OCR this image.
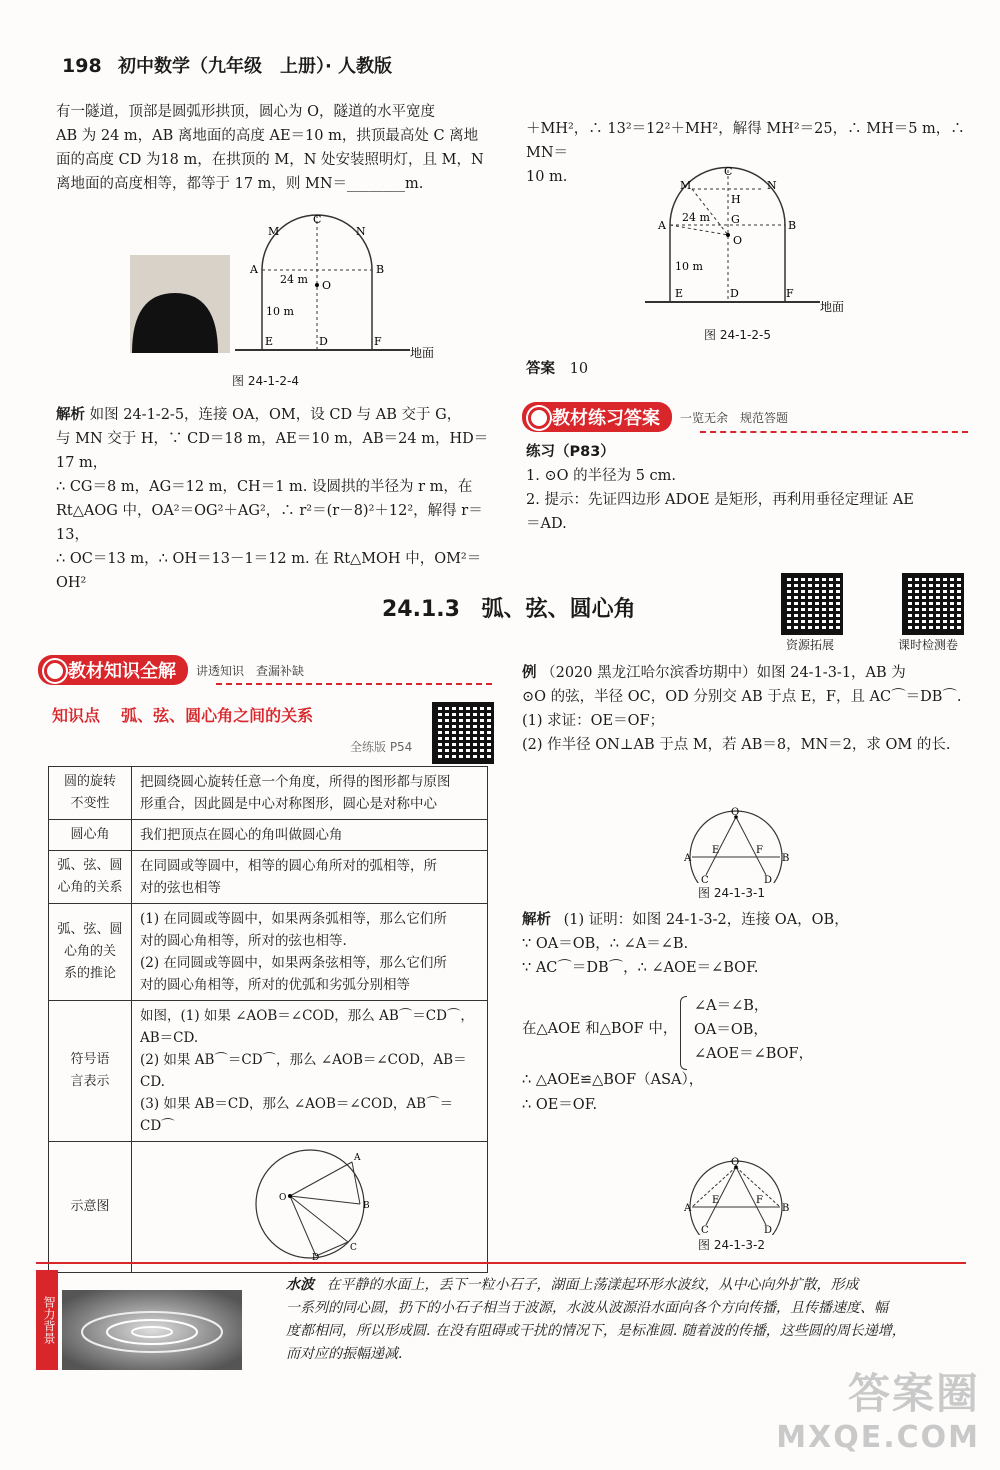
198 初中数学（九年级　上册）· 人教版
有一隧道，顶部是圆弧形拱顶，圆心为 O，隧道的水平宽度
AB 为 24 m，AB 离地面的高度 AE＝10 m，拱顶最高处 C 离地
面的高度 CD 为18 m，在拱顶的 M，N 处安装照明灯，且 M，N
离地面的高度相等，都等于 17 m，则 MN＝________m.
C
M	N
A	B
O
E	D	F
24 m
10 m
地面
图 24-1-2-4
解析 如图 24-1-2-5，连接 OA，OM，设 CD 与 AB 交于 G，
与 MN 交于 H，∵ CD＝18 m，AE＝10 m，AB＝24 m，HD＝17 m，
∴ CG＝8 m，AG＝12 m，CH＝1 m. 设圆拱的半径为 r m，在
Rt△AOG 中，OA²＝OG²＋AG²，∴ r²＝(r－8)²＋12²，解得 r＝13，
∴ OC＝13 m，∴ OH＝13－1＝12 m. 在 Rt△MOH 中，OM²＝OH²
＋MH²，∴ 13²＝12²＋MH²，解得 MH²＝25，∴ MH＝5 m，∴ MN＝
10 m.	C
M	N
H
G
A	B
O
E	D	F
24 m
10 m
地面
图 24-1-2-5
答案 10
教材练习答案	一览无余　规范答题
练习（P83）
1. ⊙O 的半径为 5 cm.
2. 提示：先证四边形 ADOE 是矩形，再利用垂径定理证 AE
＝AD.
24.1.3 弧、弦、圆心角
资源拓展	课时检测卷
教材知识全解	讲透知识　查漏补缺
知识点 弧、弦、圆心角之间的关系
全练版 P54
圆的旋转
不变性	把圆绕圆心旋转任意一个角度，所得的图形都与原图
形重合，因此圆是中心对称图形，圆心是对称中心
圆心角	我们把顶点在圆心的角叫做圆心角
弧、弦、圆
心角的关系	在同圆或等圆中，相等的圆心角所对的弧相等，所
对的弦也相等
弧、弦、圆
心角的关
系的推论	(1) 在同圆或等圆中，如果两条弧相等，那么它们所
对的圆心角相等，所对的弦也相等.
(2) 在同圆或等圆中，如果两条弦相等，那么它们所
对的圆心角相等，所对的优弧和劣弧分别相等
符号语
言表示	如图，(1) 如果 ∠AOB＝∠COD，那么 AB⌒＝CD⌒，
AB＝CD.
(2) 如果 AB⌒＝CD⌒，那么 ∠AOB＝∠COD，AB＝CD.
(3) 如果 AB＝CD，那么 ∠AOB＝∠COD，AB⌒＝CD⌒
示意图	A
B
O
C
D
例 （2020 黑龙江哈尔滨香坊期中）如图 24-1-3-1，AB 为
⊙O 的弦，半径 OC，OD 分别交 AB 于点 E，F，且 AC⌒＝DB⌒.
(1) 求证：OE＝OF；
(2) 作半径 ON⊥AB 于点 M，若 AB＝8，MN＝2，求 OM 的长.
O
E	F
A	B
C	D
图 24-1-3-1
解析 (1) 证明：如图 24-1-3-2，连接 OA，OB，
∵ OA＝OB，∴ ∠A＝∠B.
∵ AC⌒＝DB⌒，∴ ∠AOE＝∠BOF.
在△AOE 和△BOF 中，
∠A＝∠B，
OA＝OB，
∠AOE＝∠BOF，
∴ △AOE≌△BOF（ASA），
∴ OE＝OF.
O
E	F
A	B
C	D
图 24-1-3-2
智力背景
水波 在平静的水面上，丢下一粒小石子，湖面上荡漾起环形水波纹，从中心向外扩散，形成
一系列的同心圆，扔下的小石子相当于波源，水波从波源沿水面向各个方向传播，且传播速度、幅
度都相同，所以形成圆. 在没有阻碍或干扰的情况下，是标准圆. 随着波的传播，这些圆的周长递增，
而对应的振幅递减.
答案圈
MXQE.COM
